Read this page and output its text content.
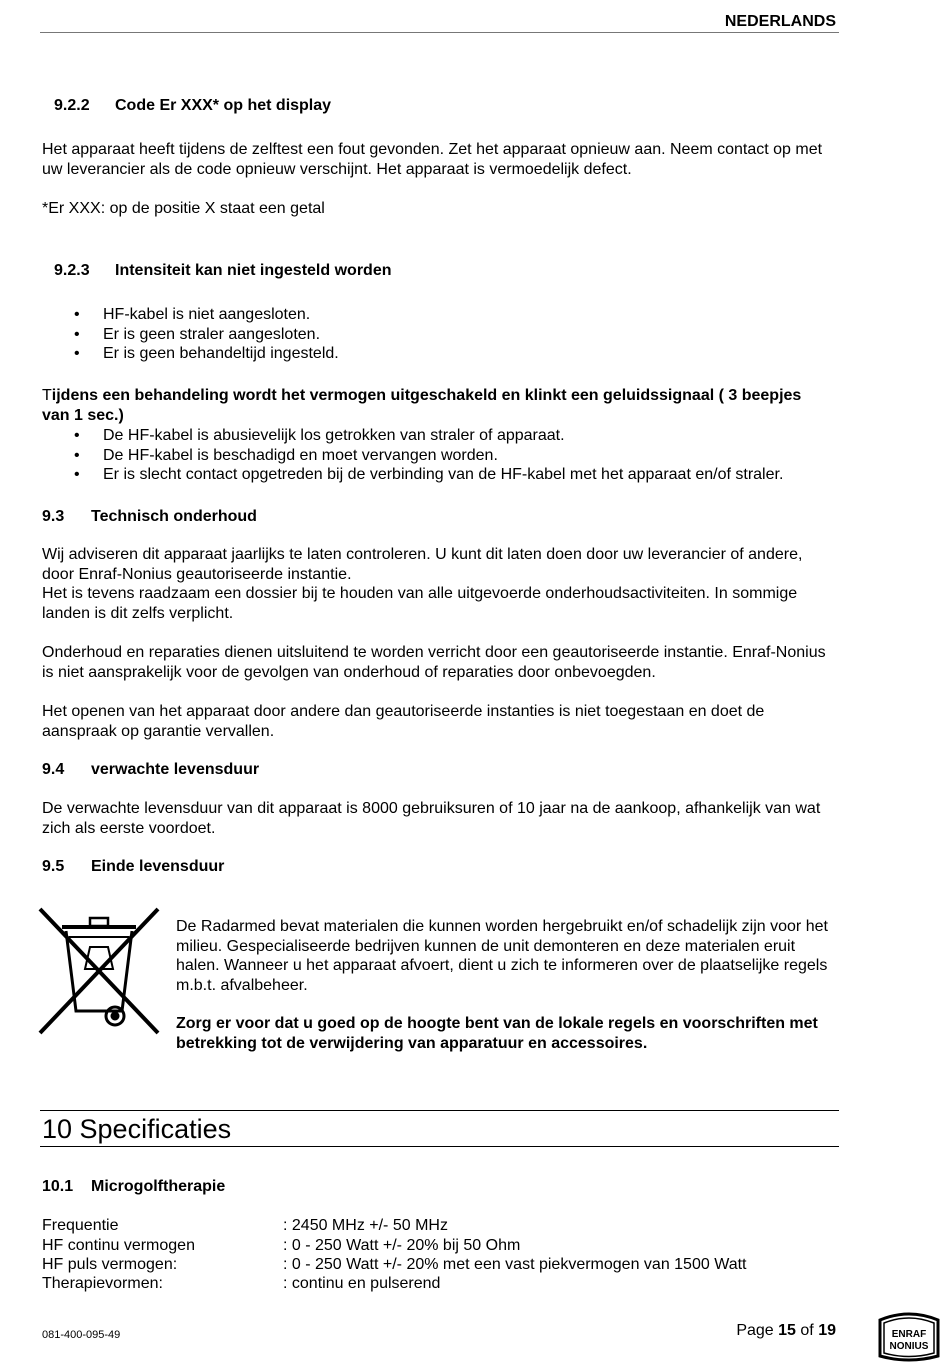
NEDERLANDS
9.2.2 Code Er XXX* op het display

Het apparaat heeft tijdens de zelftest een fout gevonden. Zet het apparaat opnieuw aan. Neem contact op met uw leverancier als de code opnieuw verschijnt. Het apparaat is vermoedelijk defect.

*Er XXX: op de positie X staat een getal

9.2.3 Intensiteit kan niet ingesteld worden
• HF-kabel is niet aangesloten.
• Er is geen straler aangesloten.
• Er is geen behandeltijd ingesteld.

Tijdens een behandeling wordt het vermogen uitgeschakeld en klinkt een geluidssignaal ( 3 beepjes van 1 sec.)

• De HF-kabel is abusievelijk los getrokken van straler of apparaat.
• De HF-kabel is beschadigd en moet vervangen worden.
• Er is slecht contact opgetreden bij de verbinding van de HF-kabel met het apparaat en/of straler.
9.3 Technisch onderhoud

Wij adviseren dit apparaat jaarlijks te laten controleren. U kunt dit laten doen door uw leverancier of andere, door Enraf-Nonius geautoriseerde instantie.

Het is tevens raadzaam een dossier bij te houden van alle uitgevoerde onderhoudsactiviteiten. In sommige landen is dit zelfs verplicht.

Onderhoud en reparaties dienen uitsluitend te worden verricht door een geautoriseerde instantie. Enraf-Nonius is niet aansprakelijk voor de gevolgen van onderhoud of reparaties door onbevoegden.

Het openen van het apparaat door andere dan geautoriseerde instanties is niet toegestaan en doet de aanspraak op garantie vervallen.

9.4 verwachte levensduur

De verwachte levensduur van dit apparaat is 8000 gebruiksuren of 10 jaar na de aankoop, afhankelijk van wat zich als eerste voordoet.

9.5 Einde levensduur

De Radarmed bevat materialen die kunnen worden hergebruikt en/of schadelijk zijn voor het milieu. Gespecialiseerde bedrijven kunnen de unit demonteren en deze materialen eruit halen. Wanneer u het apparaat afvoert, dient u zich te informeren over de plaatselijke regels m.b.t. afvalbeheer.

Zorg er voor dat u goed op de hoogte bent van de lokale regels en voorschriften met betrekking tot de verwijdering van apparatuur en accessoires.

10 Specificaties
10.1 Microgolftherapie
Frequentie	: 2450 MHz +/- 50 MHz
HF continu vermogen	: 0 - 250 Watt +/- 20% bij 50 Ohm
HF puls vermogen:	: 0 - 250 Watt +/- 20% met een vast piekvermogen van 1500 Watt
Therapievormen:	: continu en pulserend
081-400-095-49	Page 15 of 19	ENRAF
NONIUS
